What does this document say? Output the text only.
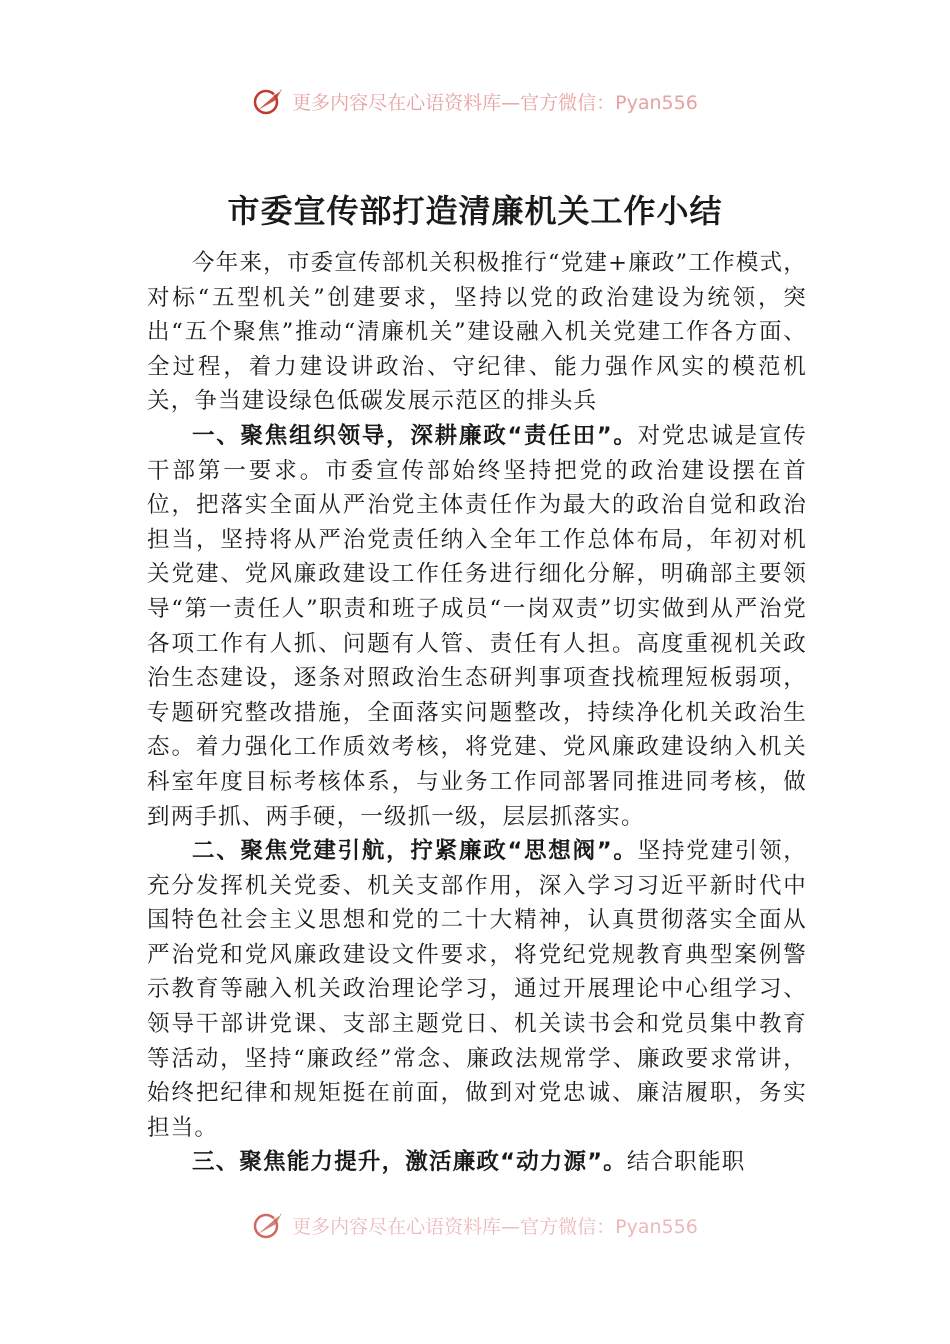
更多内容尽在心语资料库—官方微信：Pyan556
市委宣传部打造清廉机关工作小结

今年来，市委宣传部机关积极推行“党建+廉政”工作模式，对标“五型机关”创建要求，坚持以党的政治建设为统领，突出“五个聚焦”推动“清廉机关”建设融入机关党建工作各方面、全过程，着力建设讲政治、守纪律、能力强作风实的模范机关，争当建设绿色低碳发展示范区的排头兵

一、聚焦组织领导，深耕廉政“责任田”。对党忠诚是宣传干部第一要求。市委宣传部始终坚持把党的政治建设摆在首位，把落实全面从严治党主体责任作为最大的政治自觉和政治担当，坚持将从严治党责任纳入全年工作总体布局，年初对机关党建、党风廉政建设工作任务进行细化分解，明确部主要领导“第一责任人”职责和班子成员“一岗双责”切实做到从严治党各项工作有人抓、问题有人管、责任有人担。高度重视机关政治生态建设，逐条对照政治生态研判事项查找梳理短板弱项，专题研究整改措施，全面落实问题整改，持续净化机关政治生态。着力强化工作质效考核，将党建、党风廉政建设纳入机关科室年度目标考核体系，与业务工作同部署同推进同考核，做到两手抓、两手硬，一级抓一级，层层抓落实。

二、聚焦党建引航，拧紧廉政“思想阀”。坚持党建引领，充分发挥机关党委、机关支部作用，深入学习习近平新时代中国特色社会主义思想和党的二十大精神，认真贯彻落实全面从严治党和党风廉政建设文件要求，将党纪党规教育典型案例警示教育等融入机关政治理论学习，通过开展理论中心组学习、领导干部讲党课、支部主题党日、机关读书会和党员集中教育等活动，坚持“廉政经”常念、廉政法规常学、廉政要求常讲，始终把纪律和规矩挺在前面，做到对党忠诚、廉洁履职，务实担当。

三、聚焦能力提升，激活廉政“动力源”。结合职能职

更多内容尽在心语资料库—官方微信：Pyan556
